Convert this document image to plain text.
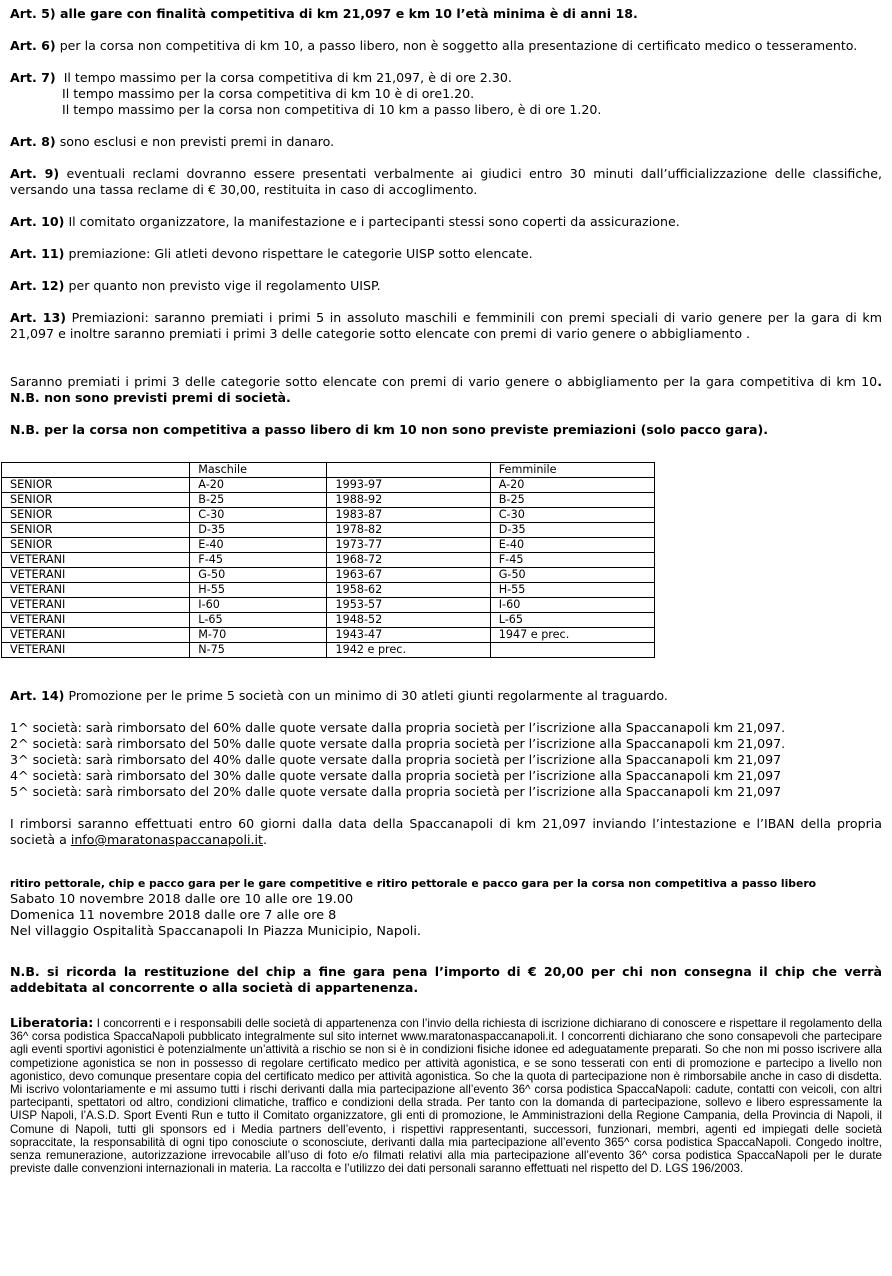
Art. 5) alle gare con finalità competitiva di km 21,097 e km 10 l’età minima è di anni 18.

Art. 6) per la corsa non competitiva di km 10, a passo libero, non è soggetto alla presentazione di certificato medico o tesseramento.

Art. 7) Il tempo massimo per la corsa competitiva di km 21,097, è di ore 2.30.

Il tempo massimo per la corsa competitiva di km 10 è di ore1.20.

Il tempo massimo per la corsa non competitiva di 10 km a passo libero, è di ore 1.20.

Art. 8) sono esclusi e non previsti premi in danaro.

Art. 9) eventuali reclami dovranno essere presentati verbalmente ai giudici entro 30 minuti dall’ufficializzazione delle classifiche, versando una tassa reclame di € 30,00, restituita in caso di accoglimento.

Art. 10) Il comitato organizzatore, la manifestazione e i partecipanti stessi sono coperti da assicurazione.

Art. 11) premiazione: Gli atleti devono rispettare le categorie UISP sotto elencate.

Art. 12) per quanto non previsto vige il regolamento UISP.

Art. 13) Premiazioni: saranno premiati i primi 5 in assoluto maschili e femminili con premi speciali di vario genere per la gara di km 21,097 e inoltre saranno premiati i primi 3 delle categorie sotto elencate con premi di vario genere o abbigliamento .

Saranno premiati i primi 3 delle categorie sotto elencate con premi di vario genere o abbigliamento per la gara competitiva di km 10. N.B. non sono previsti premi di società.

N.B. per la corsa non competitiva a passo libero di km 10 non sono previste premiazioni (solo pacco gara).

	Maschile		Femminile
SENIOR	A-20	1993-97	A-20
SENIOR	B-25	1988-92	B-25
SENIOR	C-30	1983-87	C-30
SENIOR	D-35	1978-82	D-35
SENIOR	E-40	1973-77	E-40
VETERANI	F-45	1968-72	F-45
VETERANI	G-50	1963-67	G-50
VETERANI	H-55	1958-62	H-55
VETERANI	I-60	1953-57	I-60
VETERANI	L-65	1948-52	L-65
VETERANI	M-70	1943-47	1947 e prec.
VETERANI	N-75	1942 e prec.	

Art. 14) Promozione per le prime 5 società con un minimo di 30 atleti giunti regolarmente al traguardo.

1^ società: sarà rimborsato del 60% dalle quote versate dalla propria società per l’iscrizione alla Spaccanapoli km 21,097.

2^ società: sarà rimborsato del 50% dalle quote versate dalla propria società per l’iscrizione alla Spaccanapoli km 21,097.

3^ società: sarà rimborsato del 40% dalle quote versate dalla propria società per l’iscrizione alla Spaccanapoli km 21,097

4^ società: sarà rimborsato del 30% dalle quote versate dalla propria società per l’iscrizione alla Spaccanapoli km 21,097

5^ società: sarà rimborsato del 20% dalle quote versate dalla propria società per l’iscrizione alla Spaccanapoli km 21,097

I rimborsi saranno effettuati entro 60 giorni dalla data della Spaccanapoli di km 21,097 inviando l’intestazione e l’IBAN della propria società a info@maratonaspaccanapoli.it.

ritiro pettorale, chip e pacco gara per le gare competitive e ritiro pettorale e pacco gara per la corsa non competitiva a passo libero

Sabato 10 novembre 2018 dalle ore 10 alle ore 19.00

Domenica 11 novembre 2018 dalle ore 7 alle ore 8

Nel villaggio Ospitalità Spaccanapoli In Piazza Municipio, Napoli.

N.B. si ricorda la restituzione del chip a fine gara pena l’importo di € 20,00 per chi non consegna il chip che verrà addebitata al concorrente o alla società di appartenenza.

Liberatoria: I concorrenti e i responsabili delle società di appartenenza con l’invio della richiesta di iscrizione dichiarano di conoscere e rispettare il regolamento della 36^ corsa podistica SpaccaNapoli pubblicato integralmente sul sito internet www.maratonaspaccanapoli.it. I concorrenti dichiarano che sono consapevoli che partecipare agli eventi sportivi agonistici è potenzialmente un’attività a rischio se non si è in condizioni fisiche idonee ed adeguatamente preparati. So che non mi posso iscrivere alla competizione agonistica se non in possesso di regolare certificato medico per attività agonistica, e se sono tesserati con enti di promozione e partecipo a livello non agonistico, devo comunque presentare copia del certificato medico per attività agonistica. So che la quota di partecipazione non è rimborsabile anche in caso di disdetta. Mi iscrivo volontariamente e mi assumo tutti i rischi derivanti dalla mia partecipazione all’evento 36^ corsa podistica SpaccaNapoli: cadute, contatti con veicoli, con altri partecipanti, spettatori od altro, condizioni climatiche, traffico e condizioni della strada. Per tanto con la domanda di partecipazione, sollevo e libero espressamente la UISP Napoli, l’A.S.D. Sport Eventi Run e tutto il Comitato organizzatore, gli enti di promozione, le Amministrazioni della Regione Campania, della Provincia di Napoli, il Comune di Napoli, tutti gli sponsors ed i Media partners dell’evento, i rispettivi rappresentanti, successori, funzionari, membri, agenti ed impiegati delle società sopraccitate, la responsabilità di ogni tipo conosciute o sconosciute, derivanti dalla mia partecipazione all’evento 365^ corsa podistica SpaccaNapoli. Congedo inoltre, senza remunerazione, autorizzazione irrevocabile all’uso di foto e/o filmati relativi alla mia partecipazione all’evento 36^ corsa podistica SpaccaNapoli per le durate previste dalle convenzioni internazionali in materia. La raccolta e l’utilizzo dei dati personali saranno effettuati nel rispetto del D. LGS 196/2003.
